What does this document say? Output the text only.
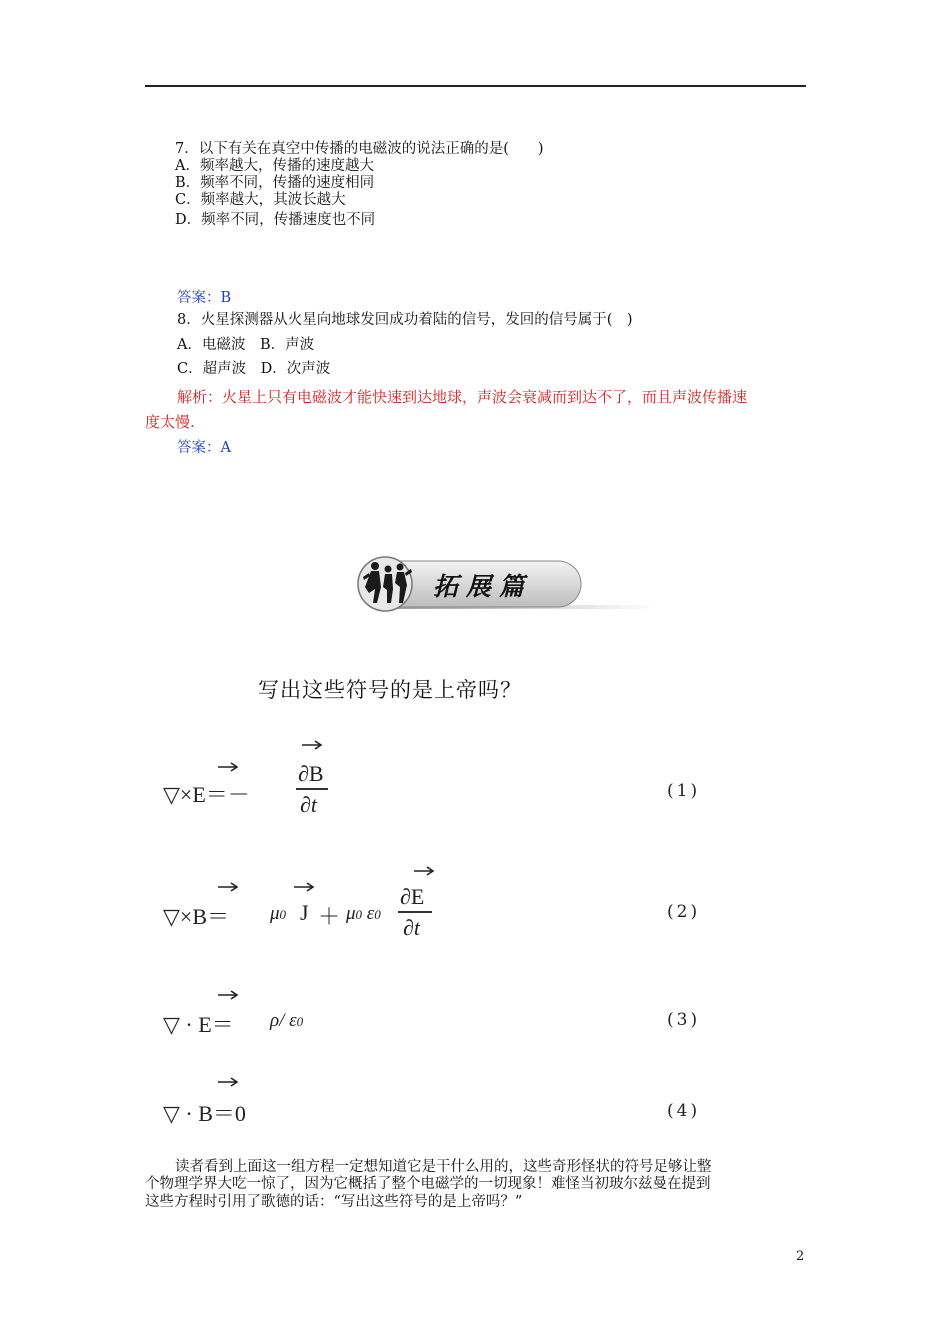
7．以下有关在真空中传播的电磁波的说法正确的是(　　)
A．频率越大，传播的速度越大
B．频率不同，传播的速度相同
C．频率越大，其波长越大
D．频率不同，传播速度也不同
答案：B
8．火星探测器从火星向地球发回成功着陆的信号，发回的信号属于(　)
A．电磁波　B．声波
C．超声波　D．次声波
解析：火星上只有电磁波才能快速到达地球，声波会衰减而到达不了，而且声波传播速
度太慢.
答案：A
拓展篇
写出这些符号的是上帝吗？
▽×E＝－
∂B
∂t
(1)
▽×B＝ μ0 J ＋ μ0 ε0
∂E
∂t
(2)
▽ · E＝ ρ/ ε0	(3)
▽ · B＝0	(4)
读者看到上面这一组方程一定想知道它是干什么用的，这些奇形怪状的符号足够让整
个物理学界大吃一惊了，因为它概括了整个电磁学的一切现象！难怪当初玻尔兹曼在提到
这些方程时引用了歌德的话：“写出这些符号的是上帝吗？”
2
